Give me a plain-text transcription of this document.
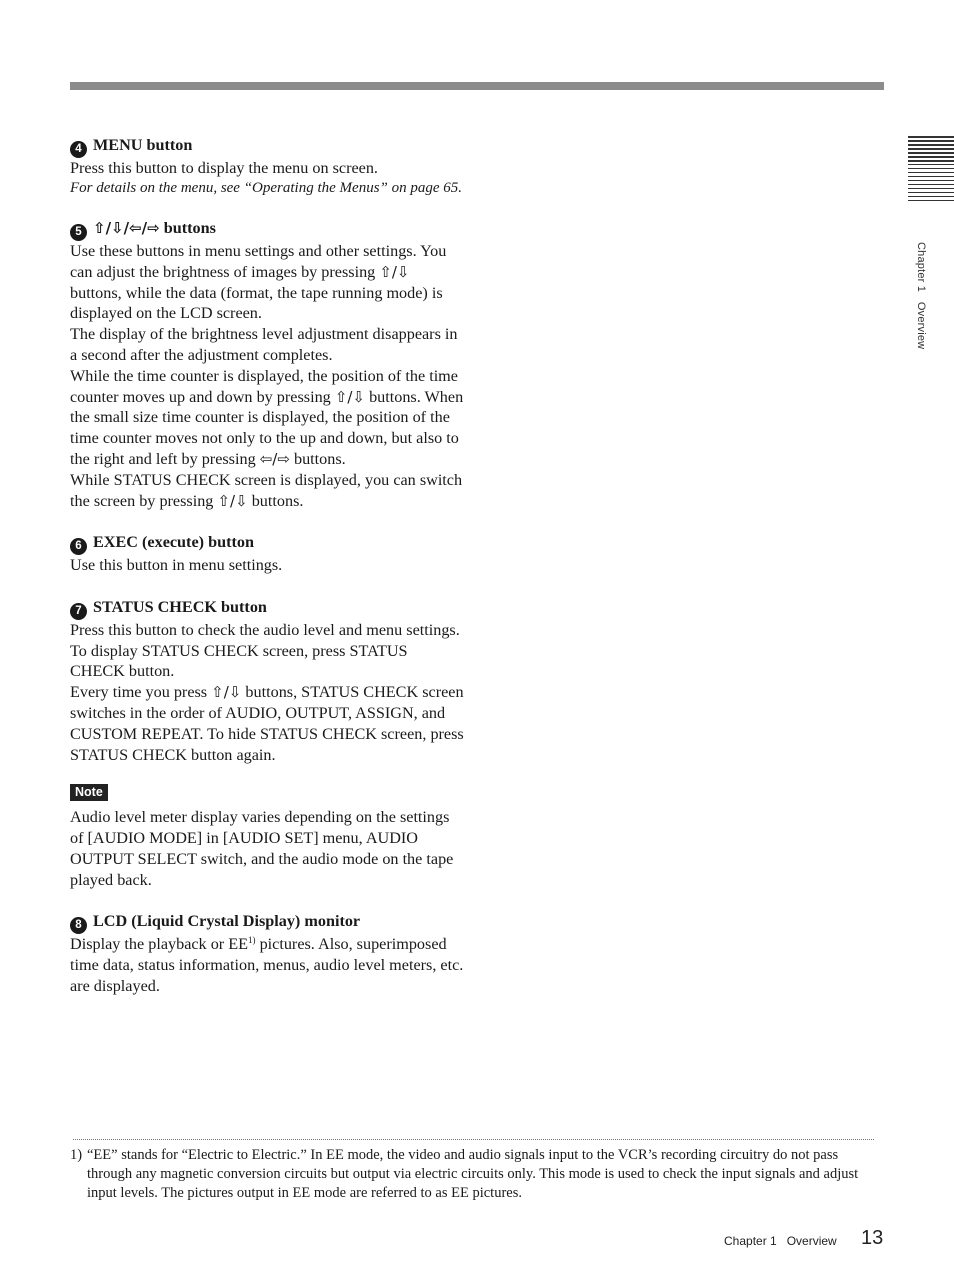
Chapter 1   Overview
4 MENU button
Press this button to display the menu on screen.
For details on the menu, see “Operating the Menus” on page 65.
5 ⇧/⇩/⇦/⇨ buttons
Use these buttons in menu settings and other settings. You can adjust the brightness of images by pressing ⇧/⇩ buttons, while the data (format, the tape running mode) is displayed on the LCD screen.
The display of the brightness level adjustment disappears in a second after the adjustment completes.
While the time counter is displayed, the position of the time counter moves up and down by pressing ⇧/⇩ buttons. When the small size time counter is displayed, the position of the time counter moves not only to the up and down, but also to the right and left by pressing ⇦/⇨ buttons.
While STATUS CHECK screen is displayed, you can switch the screen by pressing ⇧/⇩ buttons.
6 EXEC (execute) button
Use this button in menu settings.
7 STATUS CHECK button
Press this button to check the audio level and menu settings. To display STATUS CHECK screen, press STATUS CHECK button.
Every time you press ⇧/⇩ buttons, STATUS CHECK screen switches in the order of AUDIO, OUTPUT, ASSIGN, and CUSTOM REPEAT. To hide STATUS CHECK screen, press STATUS CHECK button again.
Note
Audio level meter display varies depending on the settings of [AUDIO MODE] in [AUDIO SET] menu, AUDIO OUTPUT SELECT switch, and the audio mode on the tape played back.
8 LCD (Liquid Crystal Display) monitor
Display the playback or EE$^{1)}$ pictures. Also, superimposed time data, status information, menus, audio level meters, etc. are displayed.
1) “EE” stands for “Electric to Electric.” In EE mode, the video and audio signals input to the VCR’s recording circuitry do not pass through any magnetic conversion circuits but output via electric circuits only. This mode is used to check the input signals and adjust input levels. The pictures output in EE mode are referred to as EE pictures.
Chapter 1   Overview 13
